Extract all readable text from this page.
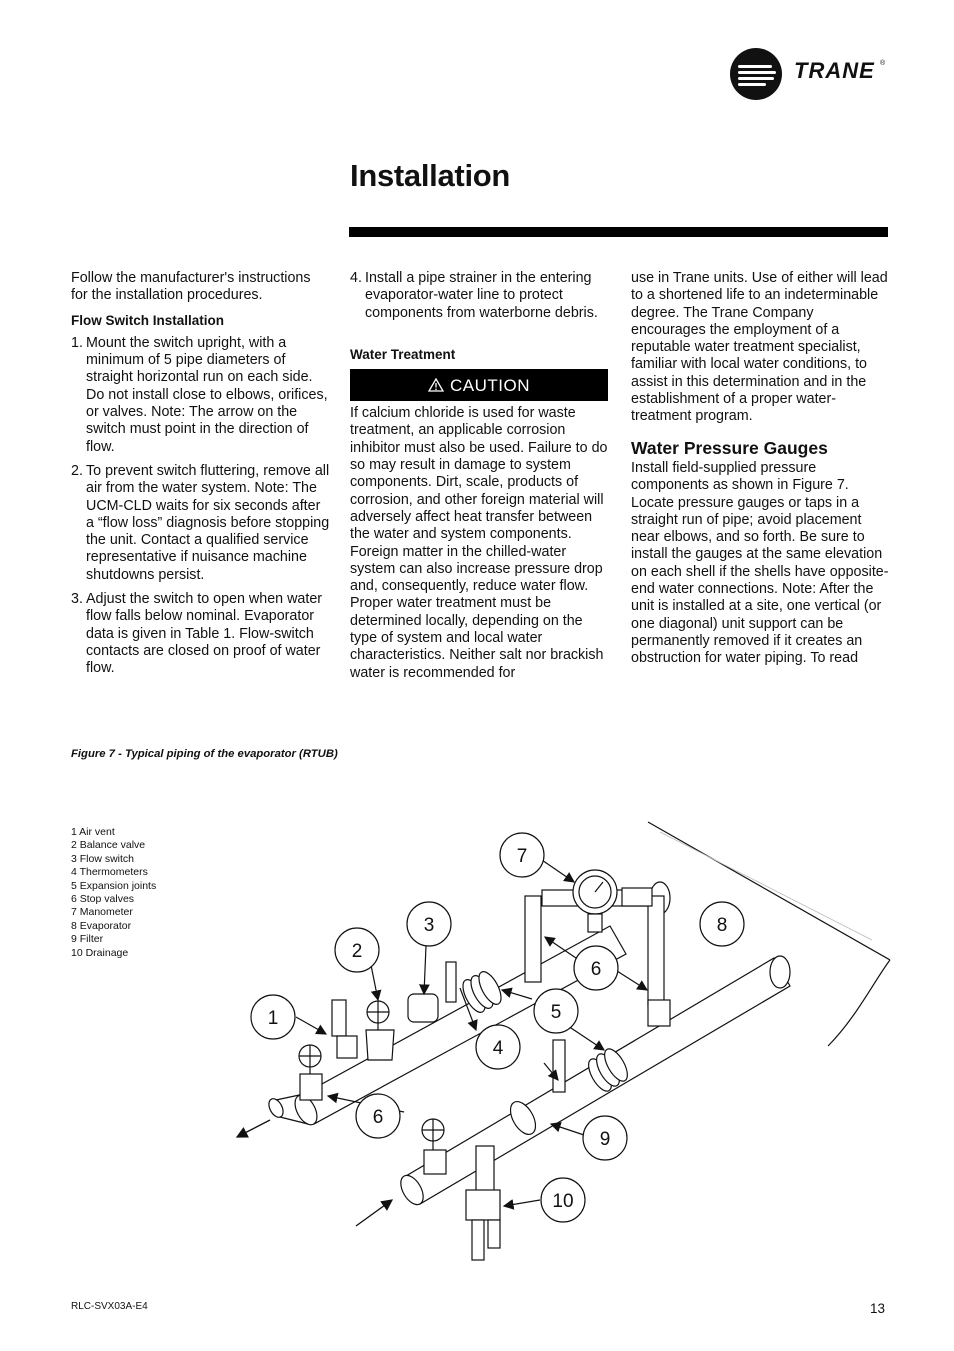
TRANE ®
Installation

Follow the manufacturer's instructions for the installation procedures.

Flow Switch Installation

1. Mount the switch upright, with a minimum of 5 pipe diameters of straight horizontal run on each side. Do not install close to elbows, orifices, or valves. Note: The arrow on the switch must point in the direction of flow.
2. To prevent switch fluttering, remove all air from the water system. Note: The UCM-CLD waits for six seconds after a “flow loss” diagnosis before stopping the unit. Contact a qualified service representative if nuisance machine shutdowns persist.
3. Adjust the switch to open when water flow falls below nominal. Evaporator data is given in Table 1. Flow-switch contacts are closed on proof of water flow.
4. Install a pipe strainer in the entering evaporator-water line to protect components from waterborne debris.

Water Treatment

CAUTION

If calcium chloride is used for waste treatment, an applicable corrosion inhibitor must also be used. Failure to do so may result in damage to system components. Dirt, scale, products of corrosion, and other foreign material will adversely affect heat transfer between the water and system components. Foreign matter in the chilled-water system can also increase pressure drop and, consequently, reduce water flow. Proper water treatment must be determined locally, depending on the type of system and local water characteristics. Neither salt nor brackish water is recommended for

use in Trane units. Use of either will lead to a shortened life to an indeterminable degree. The Trane Company encourages the employment of a reputable water treatment specialist, familiar with local water conditions, to assist in this determination and in the establishment of a proper water-treatment program.

Water Pressure Gauges

Install field-supplied pressure components as shown in Figure 7. Locate pressure gauges or taps in a straight run of pipe; avoid placement near elbows, and so forth. Be sure to install the gauges at the same elevation on each shell if the shells have opposite-end water connections. Note: After the unit is installed at a site, one vertical (or one diagonal) unit support can be permanently removed if it creates an obstruction for water piping. To read

Figure 7 - Typical piping of the evaporator (RTUB)
1 Air vent
2 Balance valve
3 Flow switch
4 Thermometers
5 Expansion joints
6 Stop valves
7 Manometer
8 Evaporator
9 Filter
10 Drainage
1
2
3
4
5
6
7
8
9
10
6
RLC-SVX03A-E4	13
